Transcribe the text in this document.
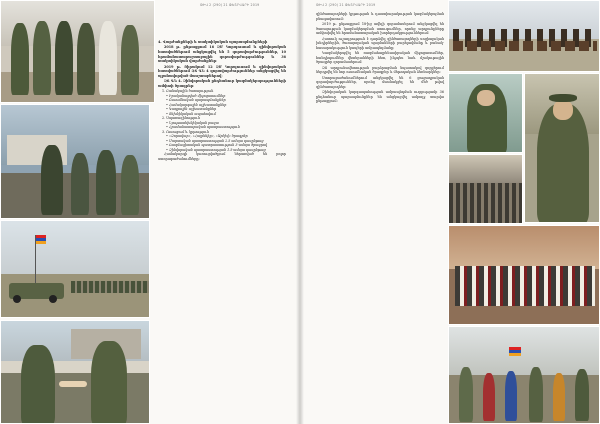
4. Վարժանքների և տակտիկական պարապմունքների

2018 թ. ընթացքում 16 ԶՄ Կորպուսում և զինվորական հատվածներում անցկացվել են 5 զորավարժություններ, 10 հրամանատարաշտաբային զորավարժություններ և 36 տակտիկական վարժանքներ։

2019 թ. Շիրակում 12 ԶՄ Կորպուսում և զինվորական հատվածներում ԶՏ ԳՆ 4 զորավարժություններ անցկացվել են պլանավորված մասշտաբներով։

ԶՏ ԳՆ 4. Զինվորական ընդհանուր կազմակերպությունների ամփոփ ծրագրեր։

1. Բանակային ծառայություն
• Իրականացված միջոցառումներ
• Ուսումնական պարապմունքներ
• Համակարգային աշխատանքներ
• Կադրային աշխատանքներ
• Տեխնիկական ապահովում
2. Սպառազինություն
• Նյութատեխնիկական բազա
• Հրամանատարական պատրաստություն
3. Ուսուցում և կրթություն
• «Զորավար», «Հայրենիք», «Արծիվ» ծրագրեր
• Մարտական պատրաստության 2.5 ամսյա դասընթաց
• Ռազմագիտական պատրաստություն 3-ամսյա ծրագրով
• Զինվորական պատրաստության 1.5-ամսյա դասընթաց

Համակարգի կառուցվածքում ներառված են բոլոր ստորաբաժանումները։

ԹԻՎ 2 (290) 21 ՓԵՏՐՎԱՐԻ 2019	ԹԻՎ 2 (290) 21 ՓԵՏՐՎԱՐԻ 2019

զինծառայողների կրթության և դաստիարակության կազմակերպման բնագավառում։

2019 թ. ընթացքում 18-ից ավելի զորամասերում անցկացվել են ծառայության կազմակերպման ստուգումներ, որոնց արդյունքները ամփոփվել են հրամանատարական խորհրդակցություններում։

Հատուկ ուշադրություն է դարձվել զինծառայողների սոցիալական խնդիրներին, ծառայողական պայմանների բարելավմանը և բանակ-հասարակություն կապերի ամրապնդմանը։

Կազմակերպվել են ռազմահայրենասիրական միջոցառումներ, հանդիպումներ վետերանների հետ, ինչպես նաև մշակութային ծրագրեր զորամասերում։

ԶՏ արդյունավետության բարձրացման նպատակով զորքերում ներդրվել են նոր ուսումնական ծրագրեր և մեթոդական ձեռնարկներ։

Ստորաբաժանումներում անցկացվել են 6 ցուցադրական զորավարժություններ, որոնց մասնակցել են մեծ թվով զինծառայողներ։

Զինվորական կարգապահության ամրապնդման ուղղությամբ 36 ընդհանուր պարապմունքներ են անցկացվել ամբողջ տարվա ընթացքում։
